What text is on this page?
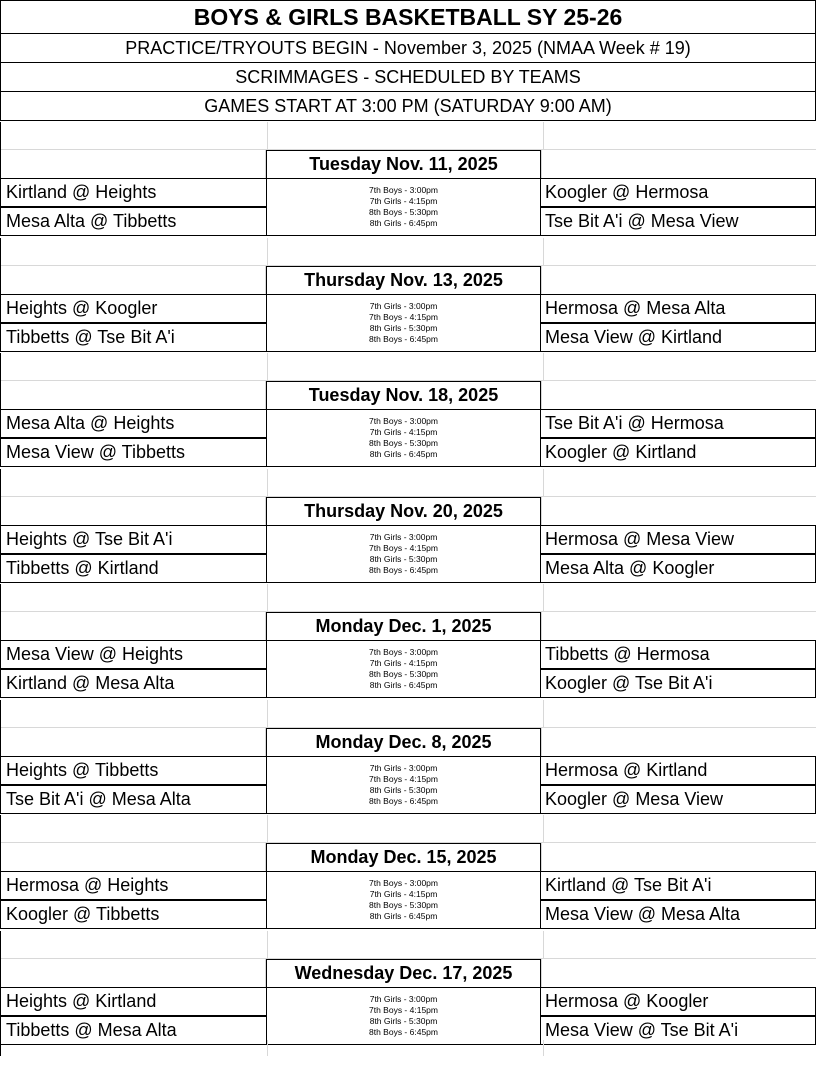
BOYS & GIRLS BASKETBALL SY 25-26
PRACTICE/TRYOUTS BEGIN - November 3, 2025 (NMAA Week # 19)
SCRIMMAGES - SCHEDULED BY TEAMS
GAMES START AT 3:00 PM (SATURDAY 9:00 AM)
Tuesday Nov. 11, 2025
Kirtland @ Heights
Mesa Alta @ Tibbetts
Koogler @ Hermosa
Tse Bit A'i @ Mesa View
7th Boys - 3:00pm
7th Girls - 4:15pm
8th Boys - 5:30pm
8th Girls - 6:45pm
Thursday Nov. 13, 2025
Heights @ Koogler
Tibbetts @ Tse Bit A'i
Hermosa @ Mesa Alta
Mesa View @ Kirtland
7th Girls - 3:00pm
7th Boys - 4:15pm
8th Girls - 5:30pm
8th Boys - 6:45pm
Tuesday Nov. 18, 2025
Mesa Alta @ Heights
Mesa View @ Tibbetts
Tse Bit A'i @ Hermosa
Koogler @ Kirtland
7th Boys - 3:00pm
7th Girls - 4:15pm
8th Boys - 5:30pm
8th Girls - 6:45pm
Thursday Nov. 20, 2025
Heights @ Tse Bit A'i
Tibbetts @ Kirtland
Hermosa @ Mesa View
Mesa Alta @ Koogler
7th Girls - 3:00pm
7th Boys - 4:15pm
8th Girls - 5:30pm
8th Boys - 6:45pm
Monday Dec. 1, 2025
Mesa View @ Heights
Kirtland @ Mesa Alta
Tibbetts @ Hermosa
Koogler @ Tse Bit A'i
7th Boys - 3:00pm
7th Girls - 4:15pm
8th Boys - 5:30pm
8th Girls - 6:45pm
Monday Dec. 8, 2025
Heights @ Tibbetts
Tse Bit A'i @ Mesa Alta
Hermosa @ Kirtland
Koogler @ Mesa View
7th Girls - 3:00pm
7th Boys - 4:15pm
8th Girls - 5:30pm
8th Boys - 6:45pm
Monday Dec. 15, 2025
Hermosa @ Heights
Koogler @ Tibbetts
Kirtland @ Tse Bit A'i
Mesa View @ Mesa Alta
7th Boys - 3:00pm
7th Girls - 4:15pm
8th Boys - 5:30pm
8th Girls - 6:45pm
Wednesday Dec. 17, 2025
Heights @ Kirtland
Tibbetts @ Mesa Alta
Hermosa @ Koogler
Mesa View @ Tse Bit A'i
7th Girls - 3:00pm
7th Boys - 4:15pm
8th Girls - 5:30pm
8th Boys - 6:45pm
